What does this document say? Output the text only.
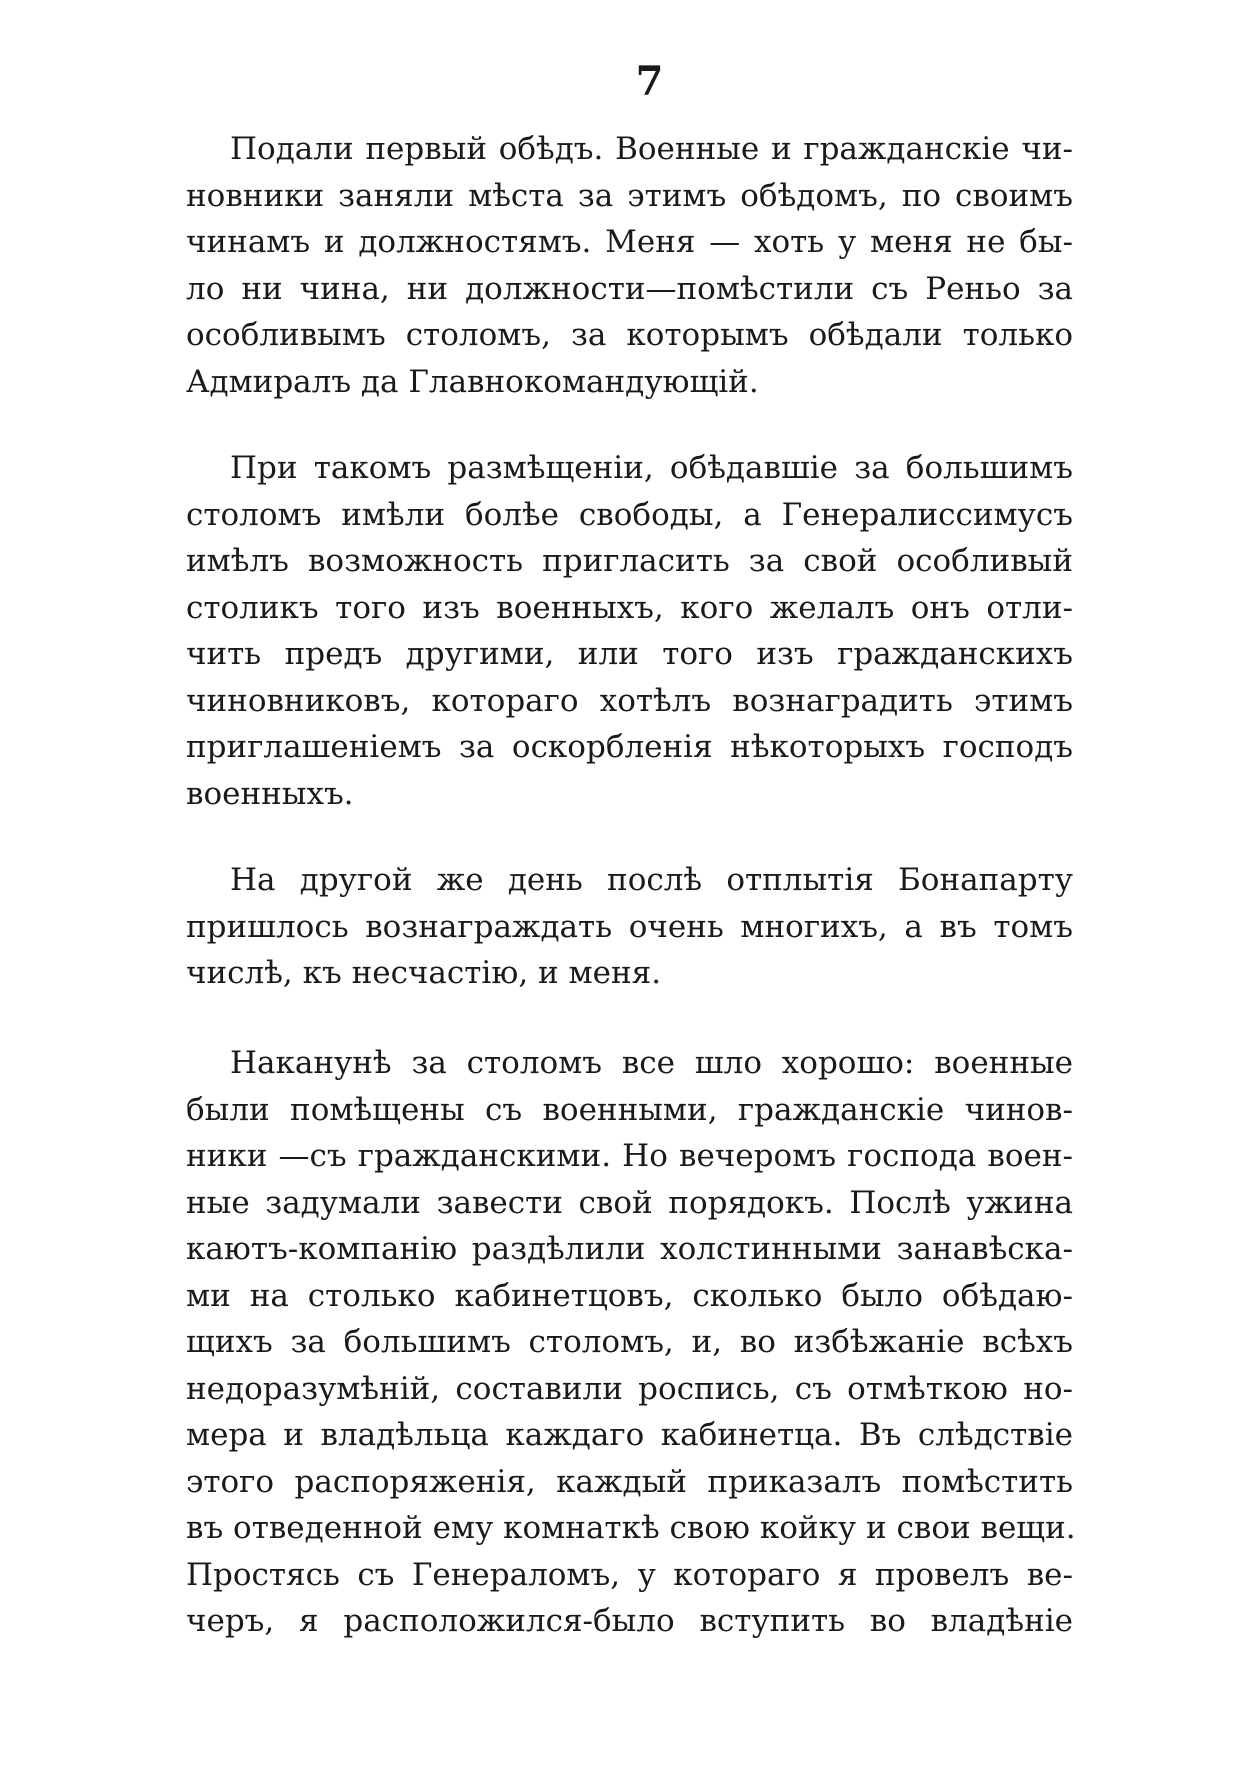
7
Подали первый обѣдъ. Военные и гражданскіе чи-
новники заняли мѣста за этимъ обѣдомъ, по своимъ
чинамъ и должностямъ. Меня — хоть у меня не бы-
ло ни чина, ни должности—помѣстили съ Реньо за
особливымъ столомъ, за которымъ обѣдали только
Адмиралъ да Главнокомандующій.
При такомъ размѣщеніи, обѣдавшіе за большимъ
столомъ имѣли болѣе свободы, а Генералиссимусъ
имѣлъ возможность пригласить за свой особливый
столикъ того изъ военныхъ, кого желалъ онъ отли-
чить предъ другими, или того изъ гражданскихъ
чиновниковъ, котораго хотѣлъ вознаградить этимъ
приглашеніемъ за оскорбленія нѣкоторыхъ господъ
военныхъ.
На другой же день послѣ отплытія Бонапарту
пришлось вознаграждать очень многихъ, а въ томъ
числѣ, къ несчастію, и меня.
Наканунѣ за столомъ все шло хорошо: военные
были помѣщены съ военными, гражданскіе чинов-
ники —съ гражданскими. Но вечеромъ господа воен-
ные задумали завести свой порядокъ. Послѣ ужина
каютъ-компанію раздѣлили холстинными занавѣска-
ми на столько кабинетцовъ, сколько было обѣдаю-
щихъ за большимъ столомъ, и, во избѣжаніе всѣхъ
недоразумѣній, составили роспись, съ отмѣткою но-
мера и владѣльца каждаго кабинетца. Въ слѣдствіе
этого распоряженія, каждый приказалъ помѣстить
въ отведенной ему комнаткѣ свою койку и свои вещи.
Простясь съ Генераломъ, у котораго я провелъ ве-
черъ, я расположился-было вступить во владѣніе
